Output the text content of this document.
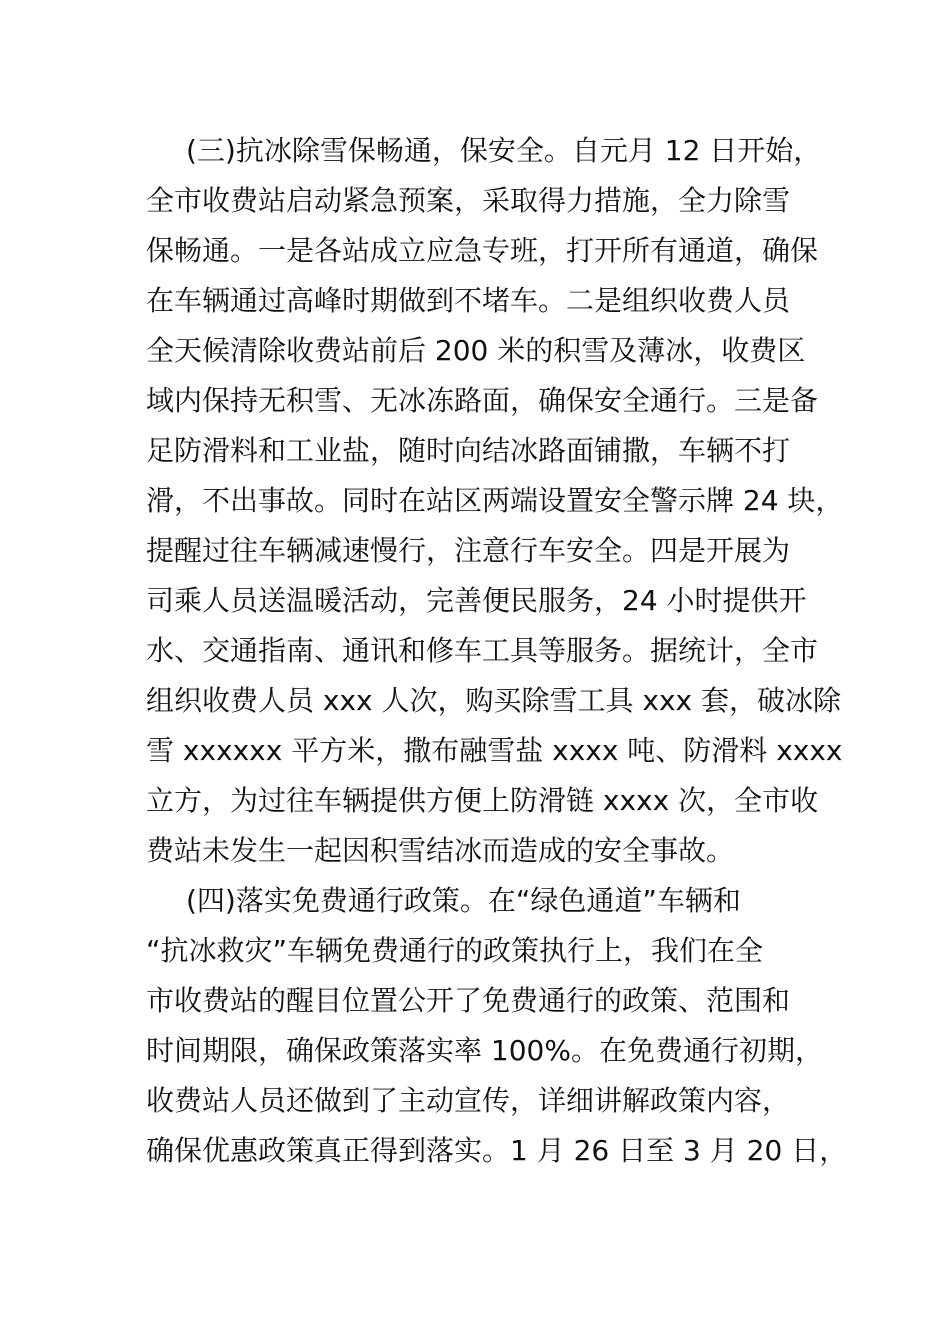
(三)抗冰除雪保畅通，保安全。自元月 12 日开始，
全市收费站启动紧急预案，采取得力措施，全力除雪
保畅通。一是各站成立应急专班，打开所有通道，确保
在车辆通过高峰时期做到不堵车。二是组织收费人员
全天候清除收费站前后 200 米的积雪及薄冰，收费区
域内保持无积雪、无冰冻路面，确保安全通行。三是备
足防滑料和工业盐，随时向结冰路面铺撒，车辆不打
滑，不出事故。同时在站区两端设置安全警示牌 24 块，
提醒过往车辆减速慢行，注意行车安全。四是开展为
司乘人员送温暖活动，完善便民服务，24 小时提供开
水、交通指南、通讯和修车工具等服务。据统计，全市
组织收费人员 xxx 人次，购买除雪工具 xxx 套，破冰除
雪 xxxxxx 平方米，撒布融雪盐 xxxx 吨、防滑料 xxxx
立方，为过往车辆提供方便上防滑链 xxxx 次，全市收
费站未发生一起因积雪结冰而造成的安全事故。
(四)落实免费通行政策。在“绿色通道”车辆和
“抗冰救灾”车辆免费通行的政策执行上，我们在全
市收费站的醒目位置公开了免费通行的政策、范围和
时间期限，确保政策落实率 100%。在免费通行初期，
收费站人员还做到了主动宣传，详细讲解政策内容，
确保优惠政策真正得到落实。1 月 26 日至 3 月 20 日，
